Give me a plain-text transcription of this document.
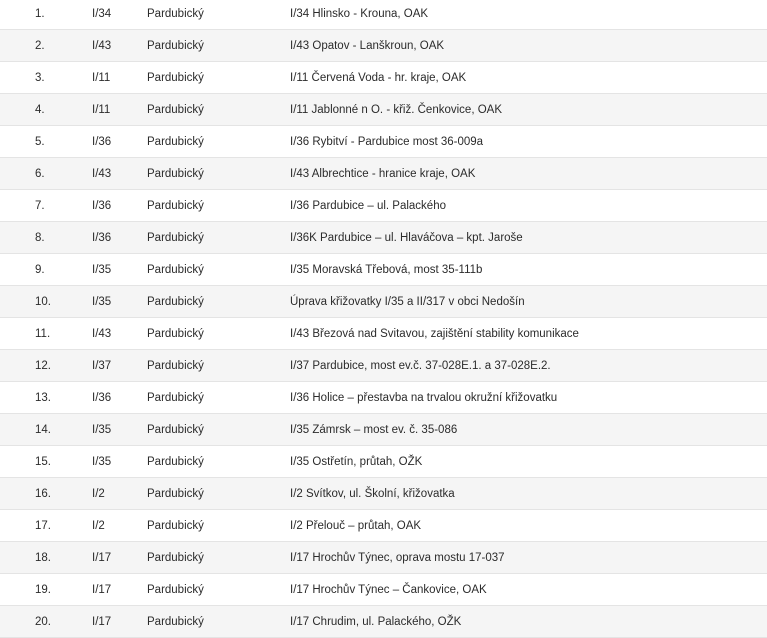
1.	I/34	Pardubický	I/34 Hlinsko - Krouna, OAK
2.	I/43	Pardubický	I/43 Opatov - Lanškroun, OAK
3.	I/11	Pardubický	I/11 Červená Voda - hr. kraje, OAK
4.	I/11	Pardubický	I/11 Jablonné n O. - křiž. Čenkovice, OAK
5.	I/36	Pardubický	I/36 Rybitví - Pardubice most 36-009a
6.	I/43	Pardubický	I/43 Albrechtice - hranice kraje, OAK
7.	I/36	Pardubický	I/36 Pardubice – ul. Palackého
8.	I/36	Pardubický	I/36K Pardubice – ul. Hlaváčova – kpt. Jaroše
9.	I/35	Pardubický	I/35 Moravská Třebová, most 35-111b
10.	I/35	Pardubický	Úprava křižovatky I/35 a II/317 v obci Nedošín
11.	I/43	Pardubický	I/43 Březová nad Svitavou, zajištění stability komunikace
12.	I/37	Pardubický	I/37 Pardubice, most ev.č. 37-028E.1. a 37-028E.2.
13.	I/36	Pardubický	I/36 Holice – přestavba na trvalou okružní křižovatku
14.	I/35	Pardubický	I/35 Zámrsk – most ev. č. 35-086
15.	I/35	Pardubický	I/35 Ostřetín, průtah, OŽK
16.	I/2	Pardubický	I/2 Svítkov, ul. Školní, křižovatka
17.	I/2	Pardubický	I/2 Přelouč – průtah, OAK
18.	I/17	Pardubický	I/17 Hrochův Týnec, oprava mostu 17-037
19.	I/17	Pardubický	I/17 Hrochův Týnec – Čankovice, OAK
20.	I/17	Pardubický	I/17 Chrudim, ul. Palackého, OŽK
